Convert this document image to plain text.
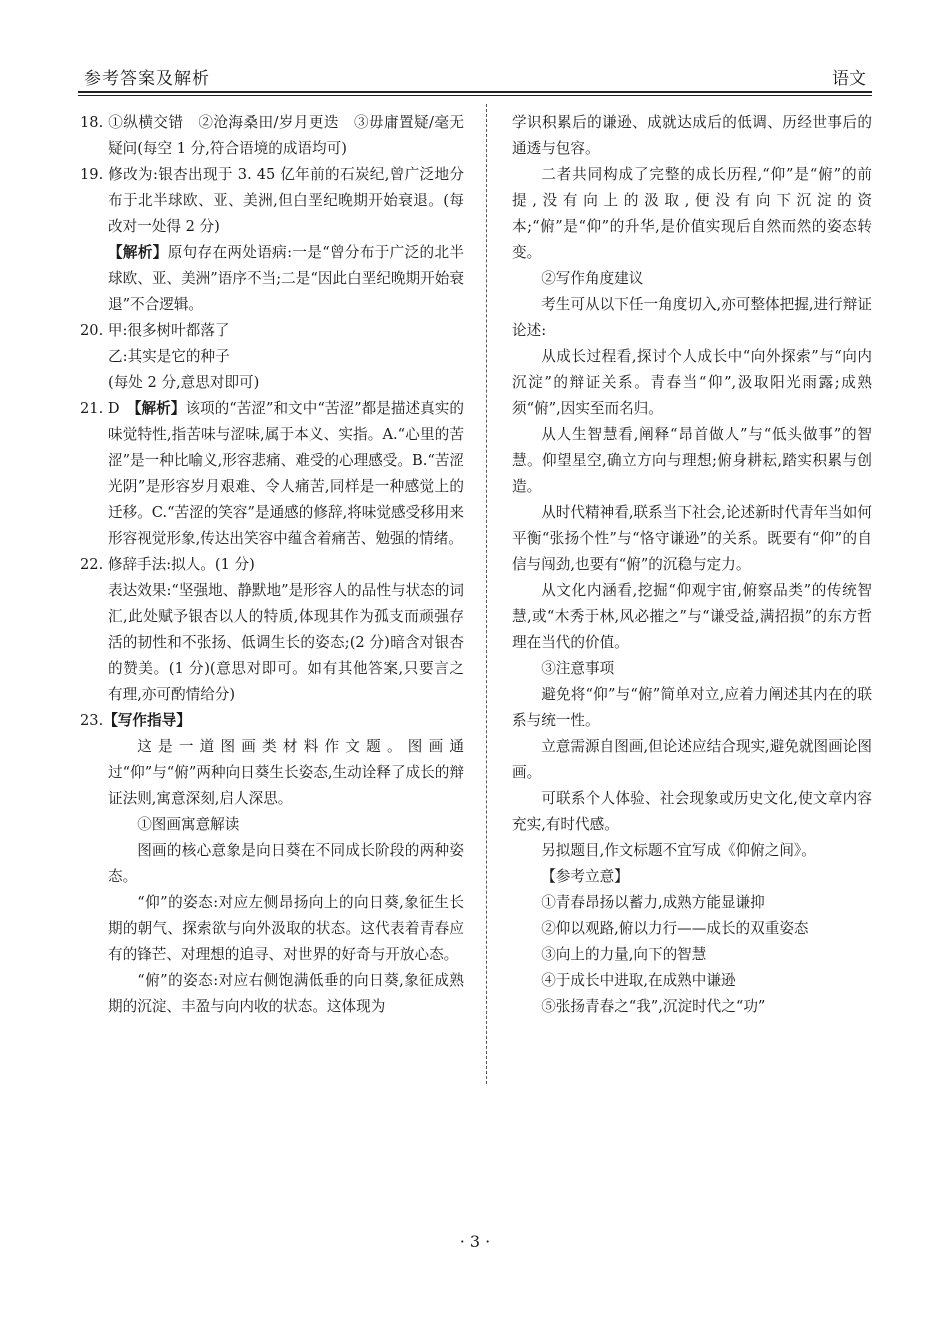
参考答案及解析	语文

18. ①纵横交错　②沧海桑田/岁月更迭　③毋庸置疑/毫无疑问(每空 1 分,符合语境的成语均可)

19. 修改为:银杏出现于 3. 45 亿年前的石炭纪,曾广泛地分布于北半球欧、亚、美洲,但白垩纪晚期开始衰退。(每改对一处得 2 分)

【解析】原句存在两处语病:一是“曾分布于广泛的北半球欧、亚、美洲”语序不当;二是“因此白垩纪晚期开始衰退”不合逻辑。

20. 甲:很多树叶都落了

乙:其实是它的种子

(每处 2 分,意思对即可)

21. D　【解析】该项的“苦涩”和文中“苦涩”都是描述真实的味觉特性,指苦味与涩味,属于本义、实指。A.“心里的苦涩”是一种比喻义,形容悲痛、难受的心理感受。B.“苦涩光阴”是形容岁月艰难、令人痛苦,同样是一种感觉上的迁移。C.“苦涩的笑容”是通感的修辞,将味觉感受移用来形容视觉形象,传达出笑容中蕴含着痛苦、勉强的情绪。

22. 修辞手法:拟人。(1 分)

表达效果:“坚强地、静默地”是形容人的品性与状态的词汇,此处赋予银杏以人的特质,体现其作为孤支而顽强存活的韧性和不张扬、低调生长的姿态;(2 分)暗含对银杏的赞美。(1 分)(意思对即可。如有其他答案,只要言之有理,亦可酌情给分)

23.【写作指导】

这是一道图画类材料作文题。图画通过“仰”与“俯”两种向日葵生长姿态,生动诠释了成长的辩证法则,寓意深刻,启人深思。

①图画寓意解读

图画的核心意象是向日葵在不同成长阶段的两种姿态。

“仰”的姿态:对应左侧昂扬向上的向日葵,象征生长期的朝气、探索欲与向外汲取的状态。这代表着青春应有的锋芒、对理想的追寻、对世界的好奇与开放心态。

“俯”的姿态:对应右侧饱满低垂的向日葵,象征成熟期的沉淀、丰盈与向内收的状态。这体现为

学识积累后的谦逊、成就达成后的低调、历经世事后的通透与包容。

二者共同构成了完整的成长历程,“仰”是“俯”的前提,没有向上的汲取,便没有向下沉淀的资本;“俯”是“仰”的升华,是价值实现后自然而然的姿态转变。

②写作角度建议

考生可从以下任一角度切入,亦可整体把握,进行辩证论述:

从成长过程看,探讨个人成长中“向外探索”与“向内沉淀”的辩证关系。青春当“仰”,汲取阳光雨露;成熟须“俯”,因实至而名归。

从人生智慧看,阐释“昂首做人”与“低头做事”的智慧。仰望星空,确立方向与理想;俯身耕耘,踏实积累与创造。

从时代精神看,联系当下社会,论述新时代青年当如何平衡“张扬个性”与“恪守谦逊”的关系。既要有“仰”的自信与闯劲,也要有“俯”的沉稳与定力。

从文化内涵看,挖掘“仰观宇宙,俯察品类”的传统智慧,或“木秀于林,风必摧之”与“谦受益,满招损”的东方哲理在当代的价值。

③注意事项

避免将“仰”与“俯”简单对立,应着力阐述其内在的联系与统一性。

立意需源自图画,但论述应结合现实,避免就图画论图画。

可联系个人体验、社会现象或历史文化,使文章内容充实,有时代感。

另拟题目,作文标题不宜写成《仰俯之间》。

【参考立意】

①青春昂扬以蓄力,成熟方能显谦抑

②仰以观路,俯以力行——成长的双重姿态

③向上的力量,向下的智慧

④于成长中进取,在成熟中谦逊

⑤张扬青春之“我”,沉淀时代之“功”

· 3 ·
